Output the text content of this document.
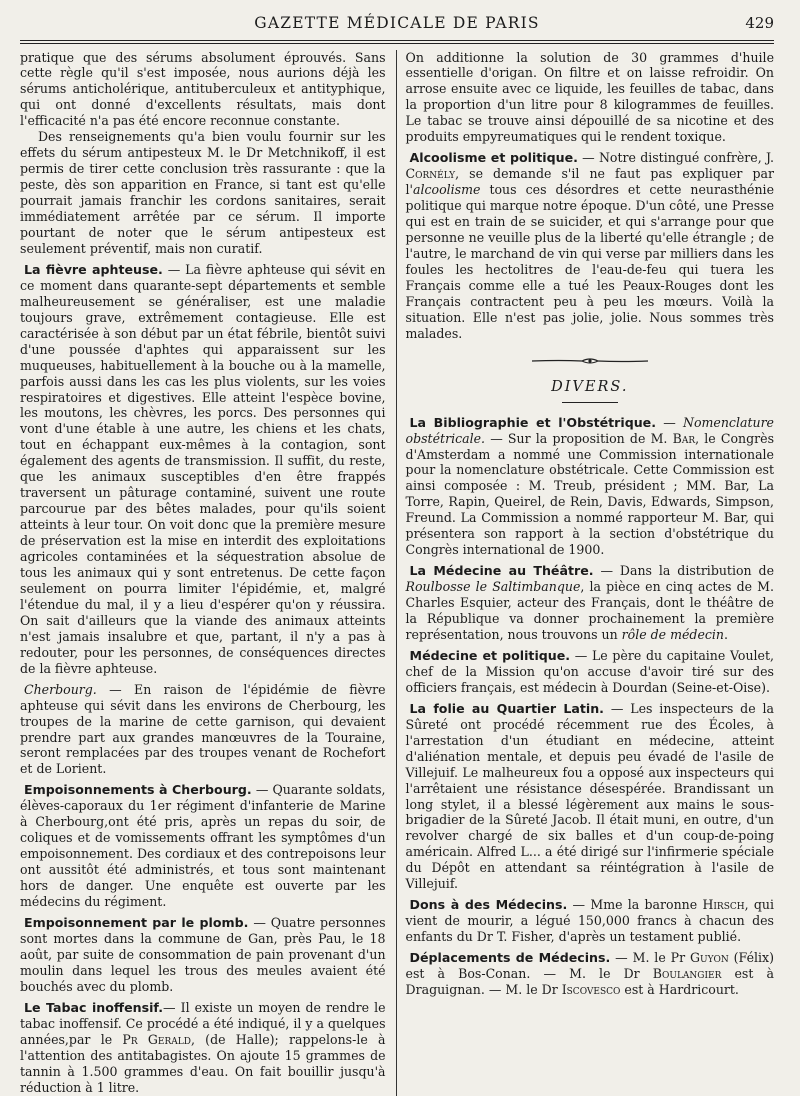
GAZETTE MÉDICALE DE PARIS	429

pratique que des sérums absolument éprouvés. Sans cette règle qu'il s'est imposée, nous aurions déjà les sérums anticholérique, antituberculeux et antityphique, qui ont donné d'excellents résultats, mais dont l'efficacité n'a pas été encore reconnue constante.

Des renseignements qu'a bien voulu fournir sur les effets du sérum antipesteux M. le Dr Metchnikoff, il est permis de tirer cette conclusion très rassurante : que la peste, dès son apparition en France, si tant est qu'elle pourrait jamais franchir les cordons sanitaires, serait immédiatement arrêtée par ce sérum. Il importe pourtant de noter que le sérum antipesteux est seulement préventif, mais non curatif.

La fièvre aphteuse. — La fièvre aphteuse qui sévit en ce moment dans quarante-sept départements et semble malheureusement se généraliser, est une maladie toujours grave, extrêmement contagieuse. Elle est caractérisée à son début par un état fébrile, bientôt suivi d'une poussée d'aphtes qui apparaissent sur les muqueuses, habituellement à la bouche ou à la mamelle, parfois aussi dans les cas les plus violents, sur les voies respiratoires et digestives. Elle atteint l'espèce bovine, les moutons, les chèvres, les porcs. Des personnes qui vont d'une étable à une autre, les chiens et les chats, tout en échappant eux-mêmes à la contagion, sont également des agents de transmission. Il suffit, du reste, que les animaux susceptibles d'en être frappés traversent un pâturage contaminé, suivent une route parcourue par des bêtes malades, pour qu'ils soient atteints à leur tour. On voit donc que la première mesure de préservation est la mise en interdit des exploitations agricoles contaminées et la séquestration absolue de tous les animaux qui y sont entretenus. De cette façon seulement on pourra limiter l'épidémie, et, malgré l'étendue du mal, il y a lieu d'espérer qu'on y réussira. On sait d'ailleurs que la viande des animaux atteints n'est jamais insalubre et que, partant, il n'y a pas à redouter, pour les personnes, de conséquences directes de la fièvre aphteuse.

Cherbourg. — En raison de l'épidémie de fièvre aphteuse qui sévit dans les environs de Cherbourg, les troupes de la marine de cette garnison, qui devaient prendre part aux grandes manœuvres de la Touraine, seront remplacées par des troupes venant de Rochefort et de Lorient.

Empoisonnements à Cherbourg. — Quarante soldats, élèves-caporaux du 1er régiment d'infanterie de Marine à Cherbourg,ont été pris, après un repas du soir, de coliques et de vomissements offrant les symptômes d'un empoisonnement. Des cordiaux et des contrepoisons leur ont aussitôt été administrés, et tous sont maintenant hors de danger. Une enquête est ouverte par les médecins du régiment.

Empoisonnement par le plomb. — Quatre personnes sont mortes dans la commune de Gan, près Pau, le 18 août, par suite de consommation de pain provenant d'un moulin dans lequel les trous des meules avaient été bouchés avec du plomb.

Le Tabac inoffensif.— Il existe un moyen de rendre le tabac inoffensif. Ce procédé a été indiqué, il y a quelques années,par le Pr Gerald, (de Halle); rappelons-le à l'attention des antitabagistes. On ajoute 15 grammes de tannin à 1.500 grammes d'eau. On fait bouillir jusqu'à réduction à 1 litre.

On additionne la solution de 30 grammes d'huile essentielle d'origan. On filtre et on laisse refroidir. On arrose ensuite avec ce liquide, les feuilles de tabac, dans la proportion d'un litre pour 8 kilogrammes de feuilles. Le tabac se trouve ainsi dépouillé de sa nicotine et des produits empyreumatiques qui le rendent toxique.

Alcoolisme et politique. — Notre distingué confrère, J. Cornély, se demande s'il ne faut pas expliquer par l'alcoolisme tous ces désordres et cette neurasthénie politique qui marque notre époque. D'un côté, une Presse qui est en train de se suicider, et qui s'arrange pour que personne ne veuille plus de la liberté qu'elle étrangle ; de l'autre, le marchand de vin qui verse par milliers dans les foules les hectolitres de l'eau-de-feu qui tuera les Français comme elle a tué les Peaux-Rouges dont les Français contractent peu à peu les mœurs. Voilà la situation. Elle n'est pas jolie, jolie. Nous sommes très malades.

DIVERS.

La Bibliographie et l'Obstétrique. — Nomenclature obstétricale. — Sur la proposition de M. Bar, le Congrès d'Amsterdam a nommé une Commission internationale pour la nomenclature obstétricale. Cette Commission est ainsi composée : M. Treub, président ; MM. Bar, La Torre, Rapin, Queirel, de Rein, Davis, Edwards, Simpson, Freund. La Commission a nommé rapporteur M. Bar, qui présentera son rapport à la section d'obstétrique du Congrès international de 1900.

La Médecine au Théâtre. — Dans la distribution de Roulbosse le Saltimbanque, la pièce en cinq actes de M. Charles Esquier, acteur des Français, dont le théâtre de la République va donner prochainement la première représentation, nous trouvons un rôle de médecin.

Médecine et politique. — Le père du capitaine Voulet, chef de la Mission qu'on accuse d'avoir tiré sur des officiers français, est médecin à Dourdan (Seine-et-Oise).

La folie au Quartier Latin. — Les inspecteurs de la Sûreté ont procédé récemment rue des Écoles, à l'arrestation d'un étudiant en médecine, atteint d'aliénation mentale, et depuis peu évadé de l'asile de Villejuif. Le malheureux fou a opposé aux inspecteurs qui l'arrêtaient une résistance désespérée. Brandissant un long stylet, il a blessé légèrement aux mains le sous-brigadier de la Sûreté Jacob. Il était muni, en outre, d'un revolver chargé de six balles et d'un coup-de-poing américain. Alfred L... a été dirigé sur l'infirmerie spéciale du Dépôt en attendant sa réintégration à l'asile de Villejuif.

Dons à des Médecins. — Mme la baronne Hirsch, qui vient de mourir, a légué 150,000 francs à chacun des enfants du Dr T. Fisher, d'après un testament publié.

Déplacements de Médecins. — M. le Pr Guyon (Félix) est à Bos-Conan. — M. le Dr Boulangier est à Draguignan. — M. le Dr Iscovesco est à Hardricourt.
